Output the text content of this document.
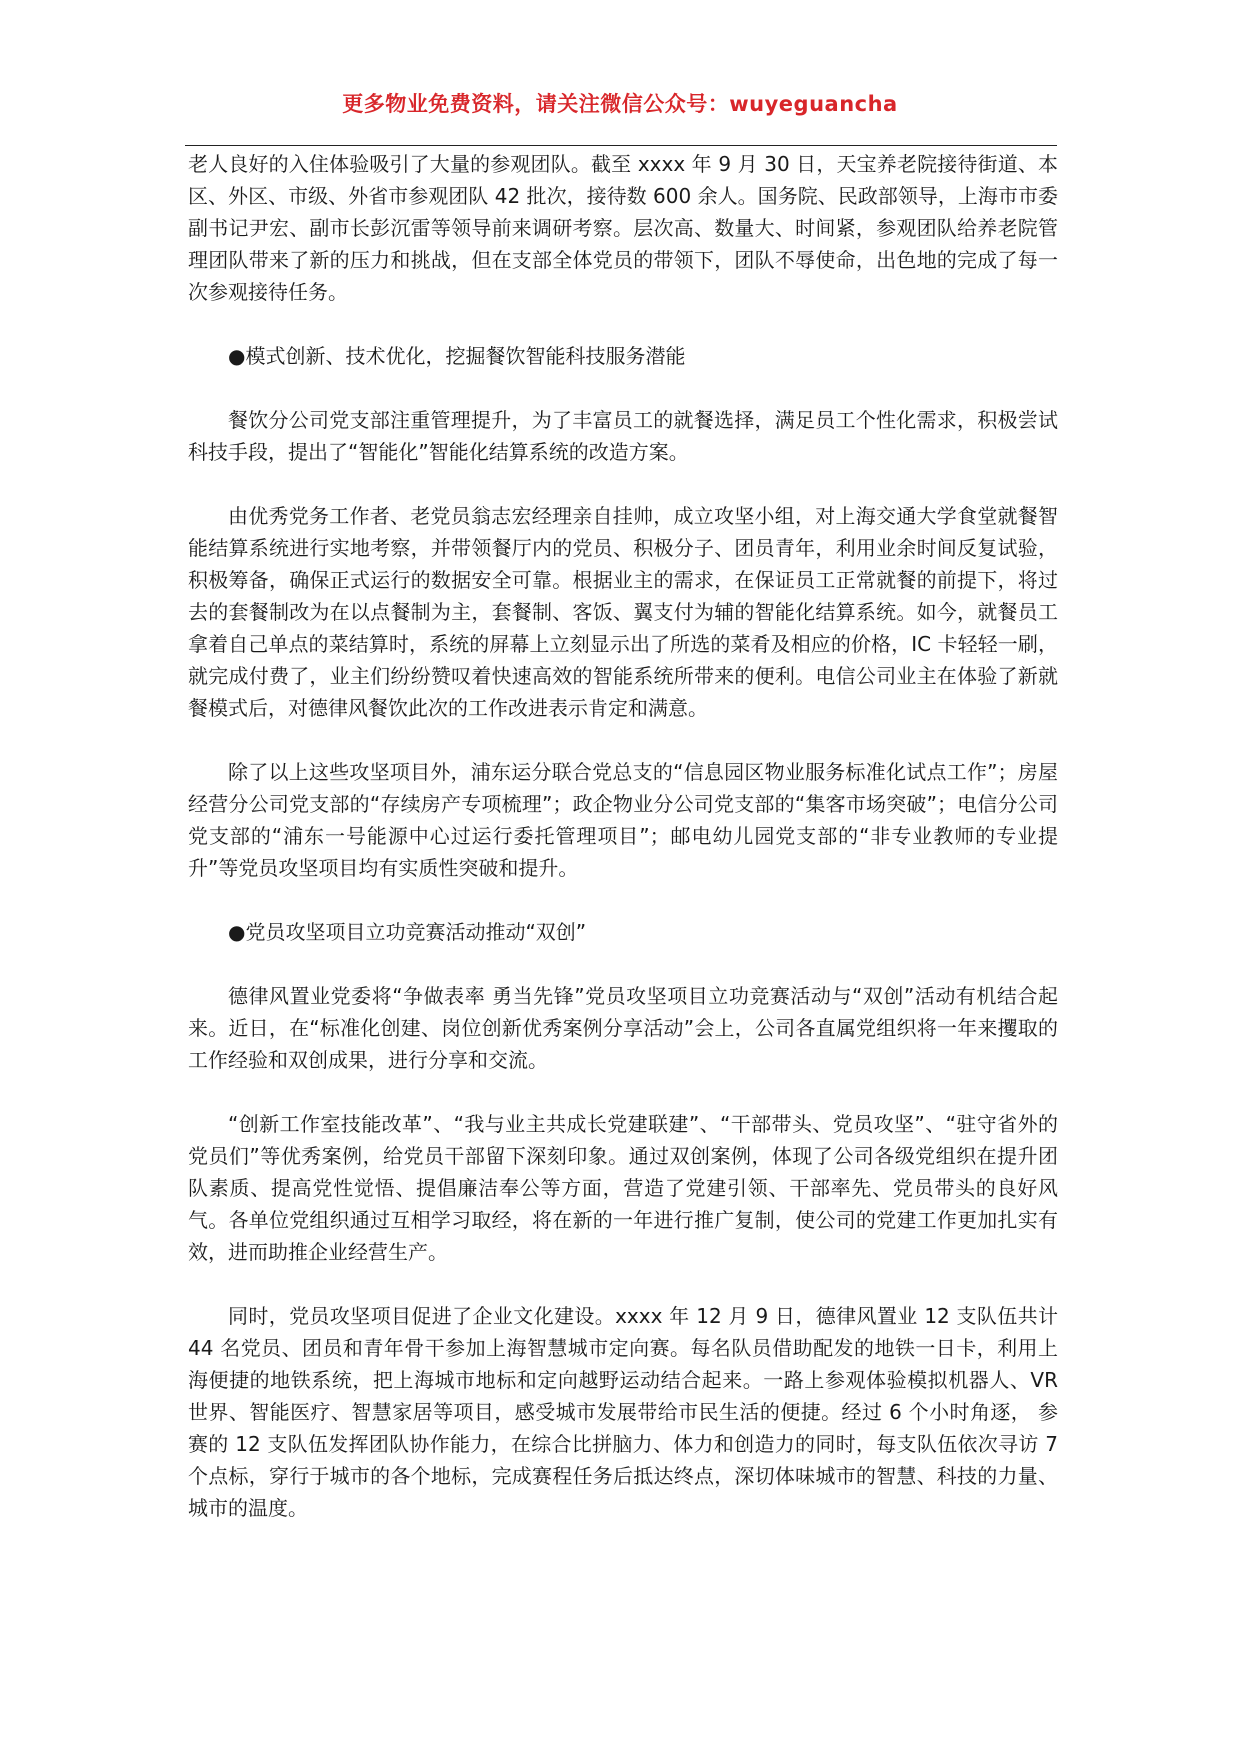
更多物业免费资料，请关注微信公众号：wuyeguancha

老人良好的入住体验吸引了大量的参观团队。截至 xxxx 年 9 月 30 日，天宝养老院接待街道、本区、外区、市级、外省市参观团队 42 批次，接待数 600 余人。国务院、民政部领导，上海市市委副书记尹宏、副市长彭沉雷等领导前来调研考察。层次高、数量大、时间紧，参观团队给养老院管理团队带来了新的压力和挑战，但在支部全体党员的带领下，团队不辱使命，出色地的完成了每一次参观接待任务。

●模式创新、技术优化，挖掘餐饮智能科技服务潜能

餐饮分公司党支部注重管理提升，为了丰富员工的就餐选择，满足员工个性化需求，积极尝试科技手段，提出了“智能化”智能化结算系统的改造方案。

由优秀党务工作者、老党员翁志宏经理亲自挂帅，成立攻坚小组，对上海交通大学食堂就餐智能结算系统进行实地考察，并带领餐厅内的党员、积极分子、团员青年，利用业余时间反复试验，积极筹备，确保正式运行的数据安全可靠。根据业主的需求，在保证员工正常就餐的前提下，将过去的套餐制改为在以点餐制为主，套餐制、客饭、翼支付为辅的智能化结算系统。如今，就餐员工拿着自己单点的菜结算时，系统的屏幕上立刻显示出了所选的菜肴及相应的价格，IC 卡轻轻一刷，就完成付费了，业主们纷纷赞叹着快速高效的智能系统所带来的便利。电信公司业主在体验了新就餐模式后，对德律风餐饮此次的工作改进表示肯定和满意。

除了以上这些攻坚项目外，浦东运分联合党总支的“信息园区物业服务标准化试点工作”；房屋经营分公司党支部的“存续房产专项梳理”；政企物业分公司党支部的“集客市场突破”；电信分公司党支部的“浦东一号能源中心过运行委托管理项目”；邮电幼儿园党支部的“非专业教师的专业提升”等党员攻坚项目均有实质性突破和提升。

●党员攻坚项目立功竞赛活动推动“双创”

德律风置业党委将“争做表率 勇当先锋”党员攻坚项目立功竞赛活动与“双创”活动有机结合起来。近日，在“标准化创建、岗位创新优秀案例分享活动”会上，公司各直属党组织将一年来攫取的工作经验和双创成果，进行分享和交流。

“创新工作室技能改革”、“我与业主共成长党建联建”、“干部带头、党员攻坚”、“驻守省外的党员们”等优秀案例，给党员干部留下深刻印象。通过双创案例，体现了公司各级党组织在提升团队素质、提高党性觉悟、提倡廉洁奉公等方面，营造了党建引领、干部率先、党员带头的良好风气。各单位党组织通过互相学习取经，将在新的一年进行推广复制，使公司的党建工作更加扎实有效，进而助推企业经营生产。

同时，党员攻坚项目促进了企业文化建设。xxxx 年 12 月 9 日，德律风置业 12 支队伍共计 44 名党员、团员和青年骨干参加上海智慧城市定向赛。每名队员借助配发的地铁一日卡，利用上海便捷的地铁系统，把上海城市地标和定向越野运动结合起来。一路上参观体验模拟机器人、VR 世界、智能医疗、智慧家居等项目，感受城市发展带给市民生活的便捷。经过 6 个小时角逐， 参赛的 12 支队伍发挥团队协作能力，在综合比拼脑力、体力和创造力的同时，每支队伍依次寻访 7 个点标，穿行于城市的各个地标，完成赛程任务后抵达终点，深切体味城市的智慧、科技的力量、城市的温度。
